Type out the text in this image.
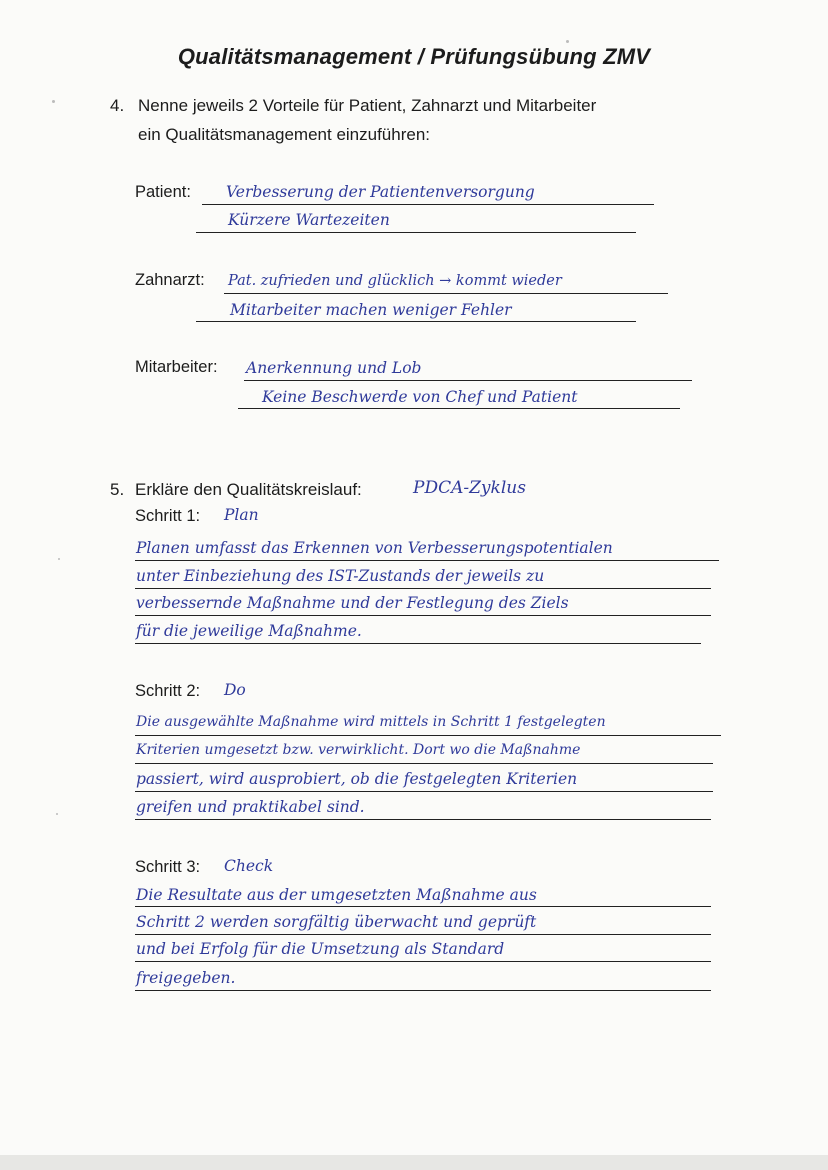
Qualitätsmanagement / Prüfungsübung ZMV
4. Nenne jeweils 2 Vorteile für Patient, Zahnarzt und Mitarbeiter
ein Qualitätsmanagement einzuführen:
Patient: Verbesserung der Patientenversorgung
Kürzere Wartezeiten
Zahnarzt: Pat. zufrieden und glücklich → kommt wieder
Mitarbeiter machen weniger Fehler
Mitarbeiter: Anerkennung und Lob
Keine Beschwerde von Chef und Patient
5. Erkläre den Qualitätskreislauf:	PDCA-Zyklus
Schritt 1: Plan
Planen umfasst das Erkennen von Verbesserungspotentialen
unter Einbeziehung des IST-Zustands der jeweils zu
verbessernde Maßnahme und der Festlegung des Ziels
für die jeweilige Maßnahme.
Schritt 2: Do
Die ausgewählte Maßnahme wird mittels in Schritt 1 festgelegten
Kriterien umgesetzt bzw. verwirklicht. Dort wo die Maßnahme
passiert, wird ausprobiert, ob die festgelegten Kriterien
greifen und praktikabel sind.
Schritt 3: Check
Die Resultate aus der umgesetzten Maßnahme aus
Schritt 2 werden sorgfältig überwacht und geprüft
und bei Erfolg für die Umsetzung als Standard
freigegeben.
